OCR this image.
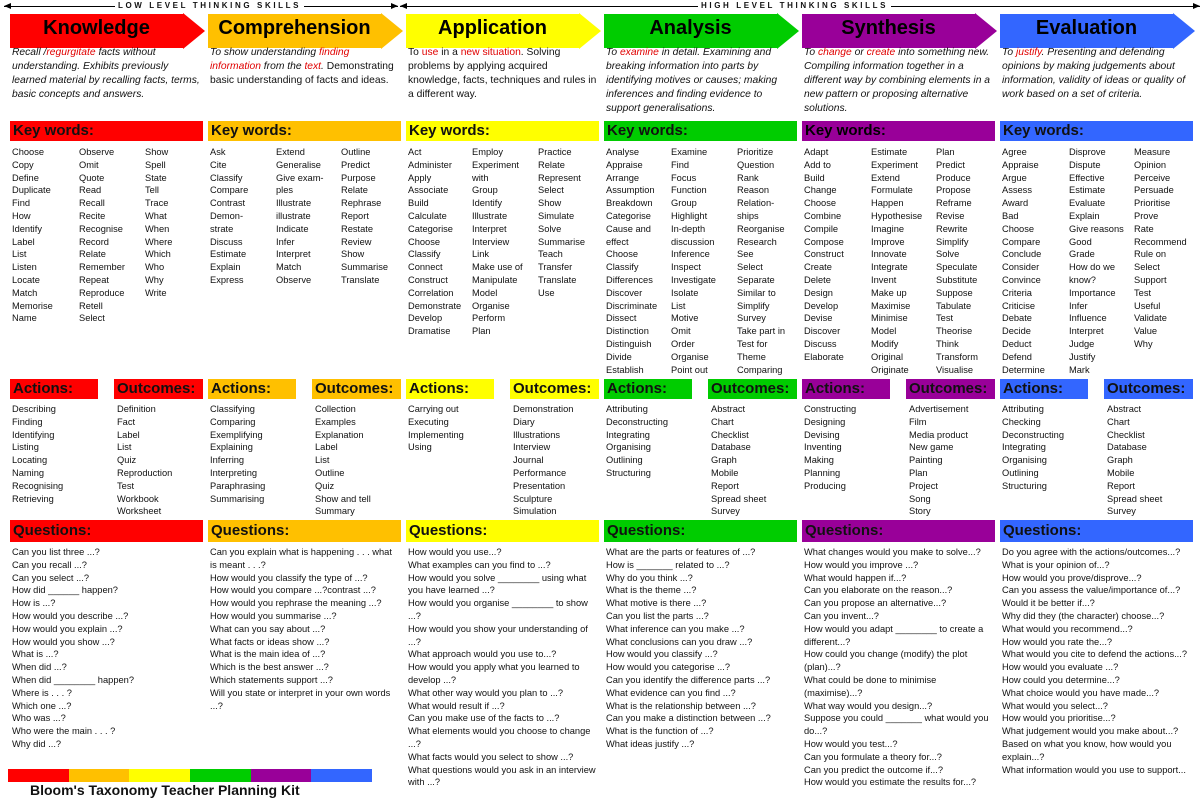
LOW LEVEL THINKING SKILLS	HIGH LEVEL THINKING SKILLS
Knowledge
Recall /regurgitate facts without understanding. Exhibits previously learned material by recalling facts, terms, basic concepts and answers.
Key words:
Choose
Copy
Define
Duplicate
Find
How
Identify
Label
List
Listen
Locate
Match
Memorise
Name
Observe
Omit
Quote
Read
Recall
Recite
Recognise
Record
Relate
Remember
Repeat
Reproduce
Retell
Select
Show
Spell
State
Tell
Trace
What
When
Where
Which
Who
Why
Write
Actions:
Describing
Finding
Identifying
Listing
Locating
Naming
Recognising
Retrieving
Outcomes:
Definition
Fact
Label
List
Quiz
Reproduction
Test
Workbook
Worksheet
Questions:
Can you list three ...?
Can you recall ...?
Can you select ...?
How did ______ happen?
How is ...?
How would you describe ...?
How would you explain ...?
How would you show ...?
What is ...?
When did ...?
When did ________ happen?
Where is . . . ?
Which one ...?
Who was ...?
Who were the main . . . ?
Why did ...?
Comprehension
To show understanding finding information from the text. Demonstrating basic understanding of facts and ideas.
Key words:
Ask
Cite
Classify
Compare
Contrast
Demon-
strate
Discuss
Estimate
Explain
Express
Extend
Generalise
Give exam-
ples
Illustrate
illustrate
Indicate
Infer
Interpret
Match
Observe
Outline
Predict
Purpose
Relate
Rephrase
Report
Restate
Review
Show
Summarise
Translate
Actions:
Classifying
Comparing
Exemplifying
Explaining
Inferring
Interpreting
Paraphrasing
Summarising
Outcomes:
Collection
Examples
Explanation
Label
List
Outline
Quiz
Show and tell
Summary
Questions:
Can you explain what is happening . . . what is meant . . .?
How would you classify the type of ...?
How would you compare ...?contrast ...?
How would you rephrase the meaning ...?
How would you summarise ...?
What can you say about ...?
What facts or ideas show ...?
What is the main idea of ...?
Which is the best answer ...?
Which statements support ...?
Will you state or interpret in your own words ...?
Application
To use in a new situation. Solving problems by applying acquired knowledge, facts, techniques and rules in a different way.
Key words:
Act
Administer
Apply
Associate
Build
Calculate
Categorise
Choose
Classify
Connect
Construct
Correlation
Demonstrate
Develop
Dramatise
Employ
Experiment
with
Group
Identify
Illustrate
Interpret
Interview
Link
Make use of
Manipulate
Model
Organise
Perform
Plan
Practice
Relate
Represent
Select
Show
Simulate
Solve
Summarise
Teach
Transfer
Translate
Use
Actions:
Carrying out
Executing
Implementing
Using
Outcomes:
Demonstration
Diary
Illustrations
Interview
Journal
Performance
Presentation
Sculpture
Simulation
Questions:
How would you use...?
What examples can you find to ...?
How would you solve ________ using what you have learned ...?
How would you organise ________ to show ...?
How would you show your understanding of ...?
What approach would you use to...?
How would you apply what you learned to develop ...?
What other way would you plan to ...?
What would result if ...?
Can you make use of the facts to ...?
What elements would you choose to change ...?
What facts would you select to show ...?
What questions would you ask in an interview with ...?
Analysis
To examine in detail. Examining and breaking information into parts by identifying motives or causes; making inferences and finding evidence to support generalisations.
Key words:
Analyse
Appraise
Arrange
Assumption
Breakdown
Categorise
Cause and
effect
Choose
Classify
Differences
Discover
Discriminate
Dissect
Distinction
Distinguish
Divide
Establish
Examine
Find
Focus
Function
Group
Highlight
In-depth
discussion
Inference
Inspect
Investigate
Isolate
List
Motive
Omit
Order
Organise
Point out
Prioritize
Question
Rank
Reason
Relation-
ships
Reorganise
Research
See
Select
Separate
Similar to
Simplify
Survey
Take part in
Test for
Theme
Comparing
Actions:
Attributing
Deconstructing
Integrating
Organising
Outlining
Structuring
Outcomes:
Abstract
Chart
Checklist
Database
Graph
Mobile
Report
Spread sheet
Survey
Questions:
What are the parts or features of ...?
How is _______ related to ...?
Why do you think ...?
What is the theme ...?
What motive is there ...?
Can you list the parts ...?
What inference can you make ...?
What conclusions can you draw ...?
How would you classify ...?
How would you categorise ...?
Can you identify the difference parts ...?
What evidence can you find ...?
What is the relationship between ...?
Can you make a distinction between ...?
What is the function of ...?
What ideas justify ...?
Synthesis
To change or create into something new. Compiling information together in a different way by combining elements in a new pattern or proposing alternative solutions.
Key words:
Adapt
Add to
Build
Change
Choose
Combine
Compile
Compose
Construct
Create
Delete
Design
Develop
Devise
Discover
Discuss
Elaborate
Estimate
Experiment
Extend
Formulate
Happen
Hypothesise
Imagine
Improve
Innovate
Integrate
Invent
Make up
Maximise
Minimise
Model
Modify
Original
Originate
Plan
Predict
Produce
Propose
Reframe
Revise
Rewrite
Simplify
Solve
Speculate
Substitute
Suppose
Tabulate
Test
Theorise
Think
Transform
Visualise
Actions:
Constructing
Designing
Devising
Inventing
Making
Planning
Producing
Outcomes:
Advertisement
Film
Media product
New game
Painting
Plan
Project
Song
Story
Questions:
What changes would you make to solve...?
How would you improve ...?
What would happen if...?
Can you elaborate on the reason...?
Can you propose an alternative...?
Can you invent...?
How would you adapt ________ to create a different...?
How could you change (modify) the plot (plan)...?
What could be done to minimise (maximise)...?
What way would you design...?
Suppose you could _______ what would you do...?
How would you test...?
Can you formulate a theory for...?
Can you predict the outcome if...?
How would you estimate the results for...?
Evaluation
To justify. Presenting and defending opinions by making judgements about information, validity of ideas or quality of work based on a set of criteria.
Key words:
Agree
Appraise
Argue
Assess
Award
Bad
Choose
Compare
Conclude
Consider
Convince
Criteria
Criticise
Debate
Decide
Deduct
Defend
Determine
Disprove
Dispute
Effective
Estimate
Evaluate
Explain
Give reasons
Good
Grade
How do we
know?
Importance
Infer
Influence
Interpret
Judge
Justify
Mark
Measure
Opinion
Perceive
Persuade
Prioritise
Prove
Rate
Recommend
Rule on
Select
Support
Test
Useful
Validate
Value
Why
Actions:
Attributing
Checking
Deconstructing
Integrating
Organising
Outlining
Structuring
Outcomes:
Abstract
Chart
Checklist
Database
Graph
Mobile
Report
Spread sheet
Survey
Questions:
Do you agree with the actions/outcomes...?
What is your opinion of...?
How would you prove/disprove...?
Can you assess the value/importance of...?
Would it be better if...?
Why did they (the character) choose...?
What would you recommend...?
How would you rate the...?
What would you cite to defend the actions...?
How would you evaluate ...?
How could you determine...?
What choice would you have made...?
What would you select...?
How would you prioritise...?
What judgement would you make about...?
Based on what you know, how would you explain...?
What information would you use to support...
Bloom's Taxonomy Teacher Planning Kit
